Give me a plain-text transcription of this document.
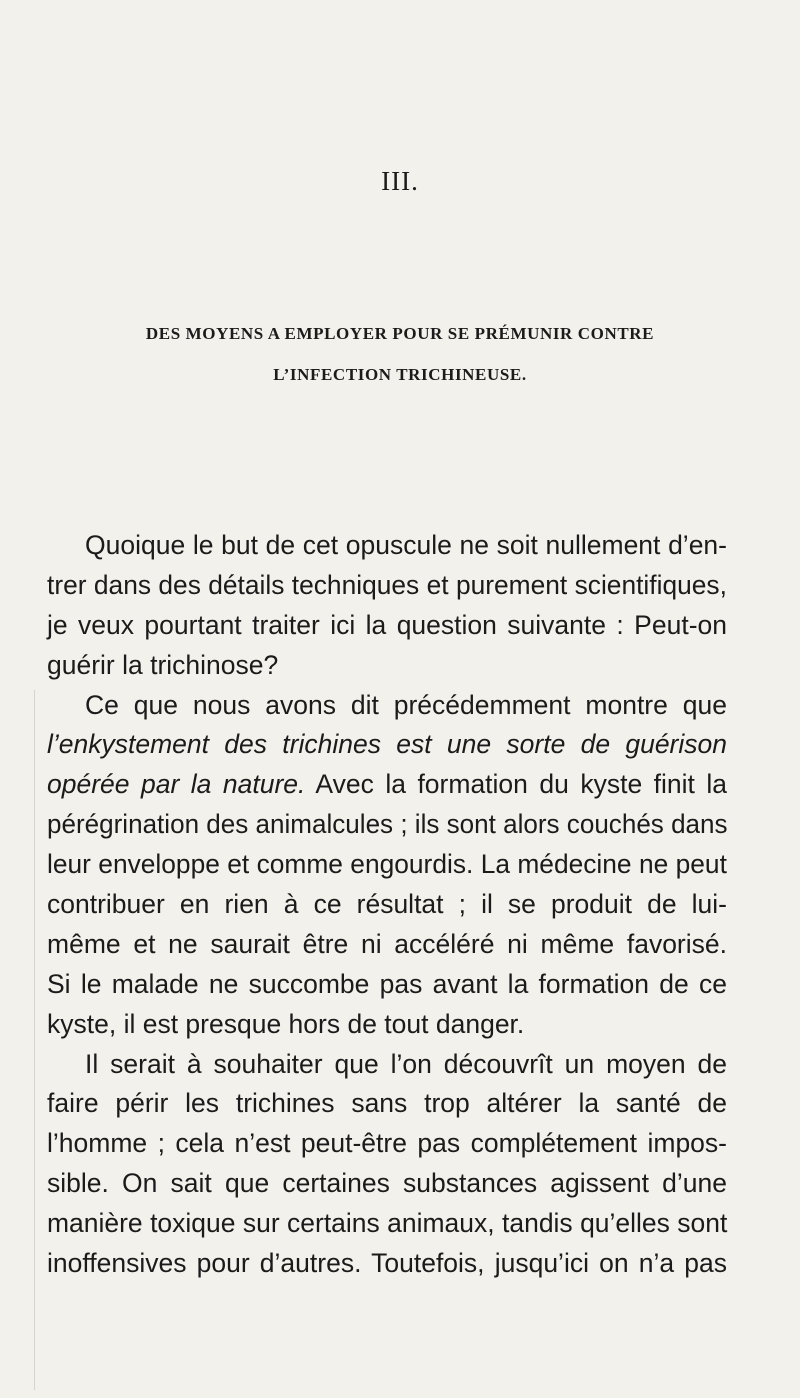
III.
DES MOYENS A EMPLOYER POUR SE PRÉMUNIR CONTRE
L’INFECTION TRICHINEUSE.
Quoique le but de cet opuscule ne soit nullement d’en-
trer dans des détails techniques et purement scientifiques,
je veux pourtant traiter ici la question suivante : Peut-on
guérir la trichinose?
Ce que nous avons dit précédemment montre que
l’enkystement des trichines est une sorte de guérison
opérée par la nature. Avec la formation du kyste finit la
pérégrination des animalcules ; ils sont alors couchés dans
leur enveloppe et comme engourdis. La médecine ne peut
contribuer en rien à ce résultat ; il se produit de lui-
même et ne saurait être ni accéléré ni même favorisé.
Si le malade ne succombe pas avant la formation de ce
kyste, il est presque hors de tout danger.
Il serait à souhaiter que l’on découvrît un moyen de
faire périr les trichines sans trop altérer la santé de
l’homme ; cela n’est peut-être pas complétement impos-
sible. On sait que certaines substances agissent d’une
manière toxique sur certains animaux, tandis qu’elles sont
inoffensives pour d’autres. Toutefois, jusqu’ici on n’a pas
